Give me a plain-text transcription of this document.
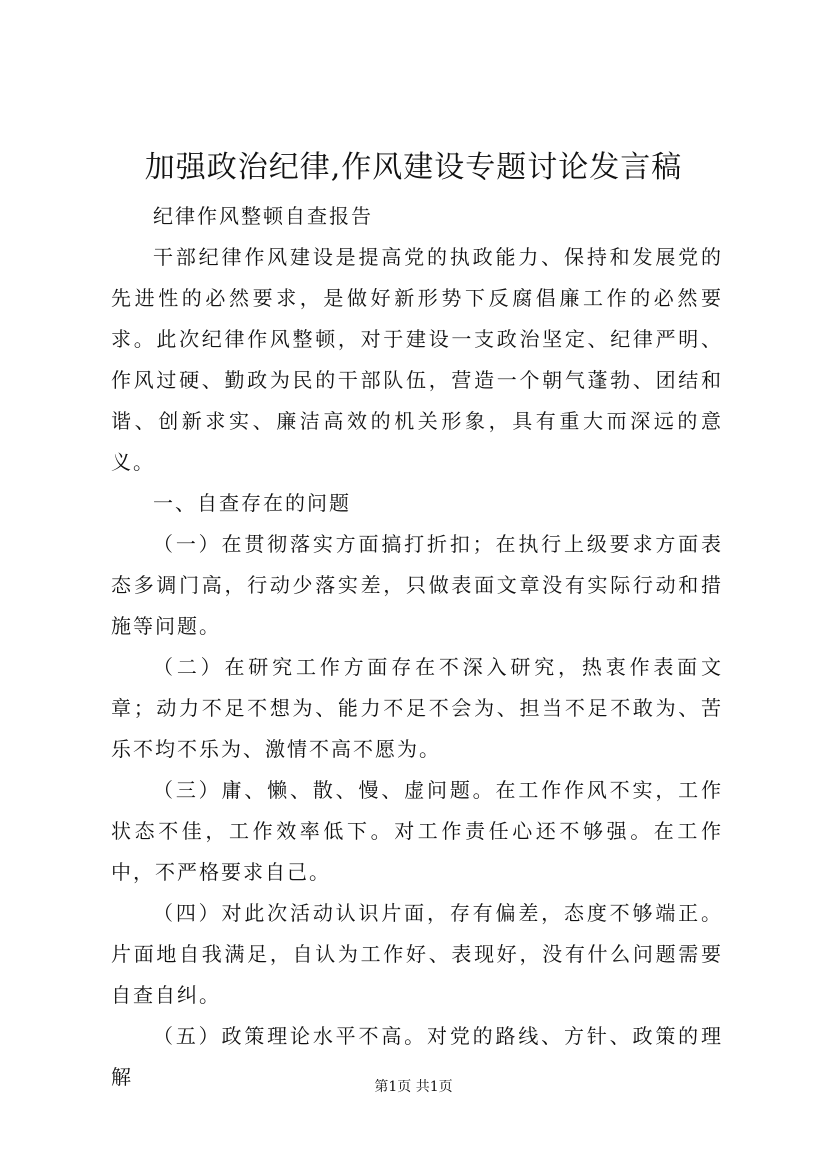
加强政治纪律,作风建设专题讨论发言稿

纪律作风整顿自查报告

干部纪律作风建设是提高党的执政能力、保持和发展党的先进性的必然要求，是做好新形势下反腐倡廉工作的必然要求。此次纪律作风整顿，对于建设一支政治坚定、纪律严明、作风过硬、勤政为民的干部队伍，营造一个朝气蓬勃、团结和谐、创新求实、廉洁高效的机关形象，具有重大而深远的意义。

一、自查存在的问题

（一）在贯彻落实方面搞打折扣；在执行上级要求方面表态多调门高，行动少落实差，只做表面文章没有实际行动和措施等问题。

（二）在研究工作方面存在不深入研究，热衷作表面文章；动力不足不想为、能力不足不会为、担当不足不敢为、苦乐不均不乐为、激情不高不愿为。

（三）庸、懒、散、慢、虚问题。在工作作风不实，工作状态不佳，工作效率低下。对工作责任心还不够强。在工作中，不严格要求自己。

（四）对此次活动认识片面，存有偏差，态度不够端正。片面地自我满足，自认为工作好、表现好，没有什么问题需要自查自纠。

（五）政策理论水平不高。对党的路线、方针、政策的理解	第1页 共1页
